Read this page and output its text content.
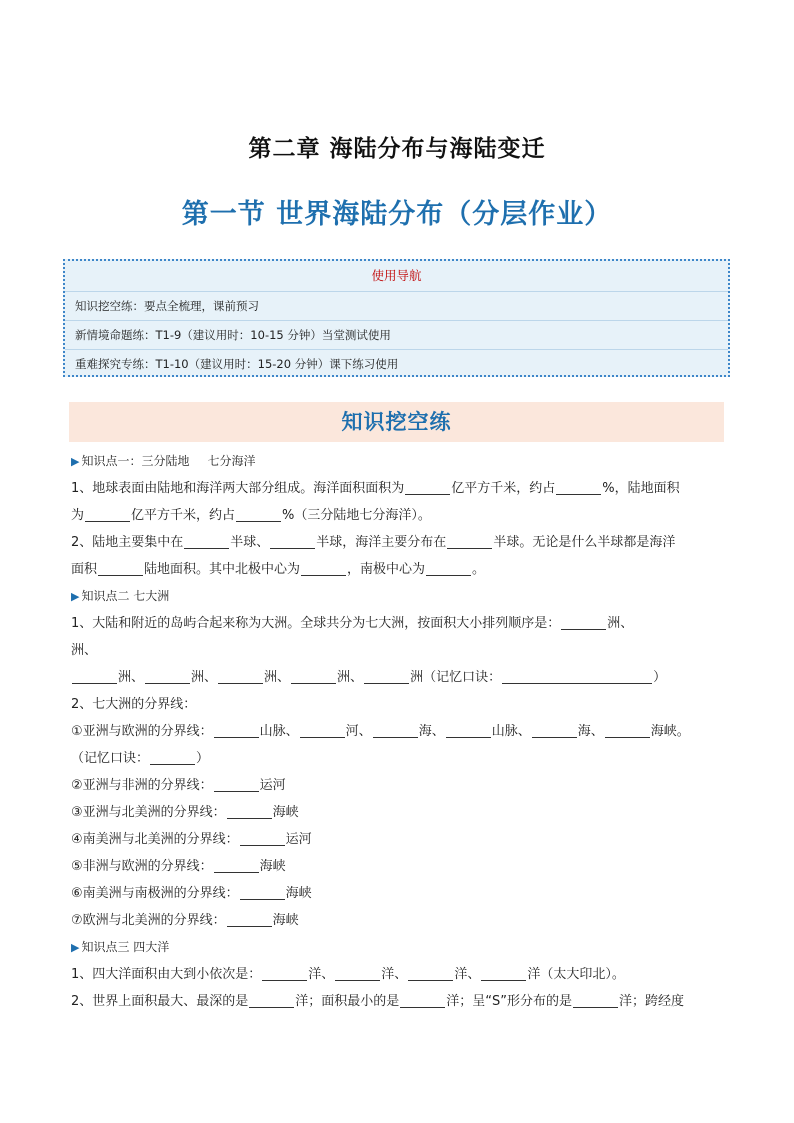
第二章 海陆分布与海陆变迁
第一节 世界海陆分布（分层作业）
使用导航
知识挖空练：要点全梳理，课前预习
新情境命题练：T1-9（建议用时：10-15 分钟）当堂测试使用
重难探究专练：T1-10（建议用时：15-20 分钟）课下练习使用
知识挖空练
▶ 知识点一：三分陆地 七分海洋
1、地球表面由陆地和海洋两大部分组成。海洋面积面积为	亿平方千米，约占	%，陆地面积
为	亿平方千米，约占	%（三分陆地七分海洋）。
2、陆地主要集中在	半球、	半球，海洋主要分布在	半球。无论是什么半球都是海洋
面积	陆地面积。其中北极中心为	，南极中心为	。
▶ 知识点二 七大洲
1、大陆和附近的岛屿合起来称为大洲。全球共分为七大洲，按面积大小排列顺序是：	洲、
洲、
洲、	洲、	洲、	洲、	洲（记忆口诀：	）
2、七大洲的分界线：
①亚洲与欧洲的分界线：	山脉、	河、	海、	山脉、	海、	海峡。
（记忆口诀：	）
②亚洲与非洲的分界线：	运河
③亚洲与北美洲的分界线：	海峡
④南美洲与北美洲的分界线：	运河
⑤非洲与欧洲的分界线：	海峡
⑥南美洲与南极洲的分界线：	海峡
⑦欧洲与北美洲的分界线：	海峡
▶ 知识点三 四大洋
1、四大洋面积由大到小依次是：	洋、	洋、	洋、	洋（太大印北）。
2、世界上面积最大、最深的是	洋；面积最小的是	洋；呈“S”形分布的是	洋；跨经度
